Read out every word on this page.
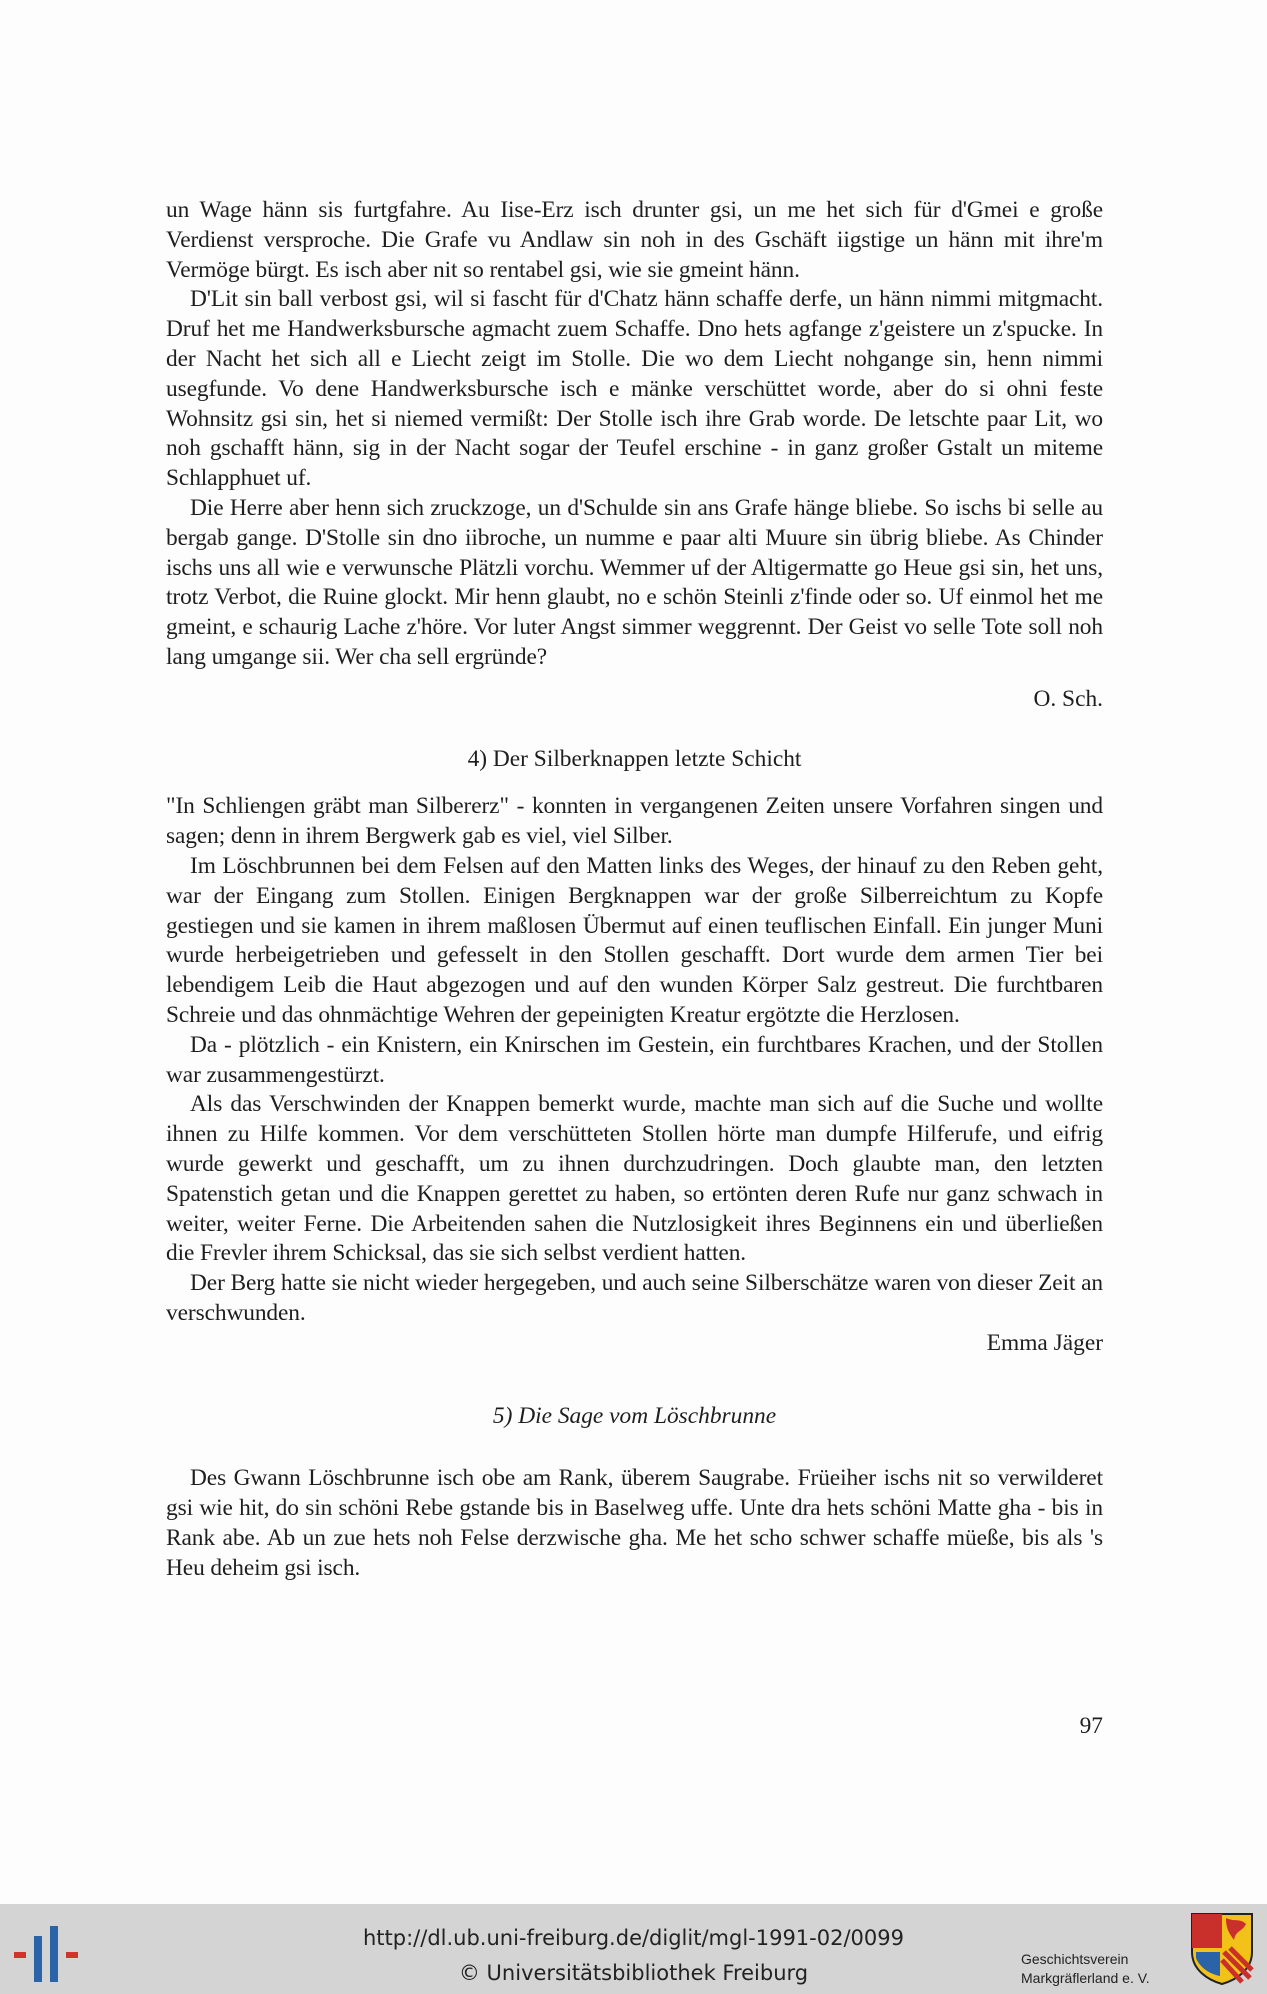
un Wage hänn sis furtgfahre. Au Iise-Erz isch drunter gsi, un me het sich für d'Gmei e große Verdienst versproche. Die Grafe vu Andlaw sin noh in des Gschäft iigstige un hänn mit ihre'm Vermöge bürgt. Es isch aber nit so rentabel gsi, wie sie gmeint hänn.

D'Lit sin ball verbost gsi, wil si fascht für d'Chatz hänn schaffe derfe, un hänn nimmi mitgmacht. Druf het me Handwerksbursche agmacht zuem Schaffe. Dno hets agfange z'geistere un z'spucke. In der Nacht het sich all e Liecht zeigt im Stolle. Die wo dem Liecht nohgange sin, henn nimmi usegfunde. Vo dene Handwerksbursche isch e mänke verschüttet worde, aber do si ohni feste Wohnsitz gsi sin, het si niemed vermißt: Der Stolle isch ihre Grab worde. De letschte paar Lit, wo noh gschafft hänn, sig in der Nacht sogar der Teufel erschine - in ganz großer Gstalt un miteme Schlapphuet uf.

Die Herre aber henn sich zruckzoge, un d'Schulde sin ans Grafe hänge bliebe. So ischs bi selle au bergab gange. D'Stolle sin dno iibroche, un numme e paar alti Muure sin übrig bliebe. As Chinder ischs uns all wie e verwunsche Plätzli vorchu. Wemmer uf der Altigermatte go Heue gsi sin, het uns, trotz Verbot, die Ruine glockt. Mir henn glaubt, no e schön Steinli z'finde oder so. Uf einmol het me gmeint, e schaurig Lache z'höre. Vor luter Angst simmer weggrennt. Der Geist vo selle Tote soll noh lang umgange sii. Wer cha sell ergründe?

O. Sch.
4) Der Silberknappen letzte Schicht

"In Schliengen gräbt man Silbererz" - konnten in vergangenen Zeiten unsere Vorfahren singen und sagen; denn in ihrem Bergwerk gab es viel, viel Silber.

Im Löschbrunnen bei dem Felsen auf den Matten links des Weges, der hinauf zu den Reben geht, war der Eingang zum Stollen. Einigen Bergknappen war der große Silberreichtum zu Kopfe gestiegen und sie kamen in ihrem maßlosen Übermut auf einen teuflischen Einfall. Ein junger Muni wurde herbeigetrieben und gefesselt in den Stollen geschafft. Dort wurde dem armen Tier bei lebendigem Leib die Haut abgezogen und auf den wunden Körper Salz gestreut. Die furchtbaren Schreie und das ohnmächtige Wehren der gepeinigten Kreatur ergötzte die Herzlosen.

Da - plötzlich - ein Knistern, ein Knirschen im Gestein, ein furchtbares Krachen, und der Stollen war zusammengestürzt.

Als das Verschwinden der Knappen bemerkt wurde, machte man sich auf die Suche und wollte ihnen zu Hilfe kommen. Vor dem verschütteten Stollen hörte man dumpfe Hilferufe, und eifrig wurde gewerkt und geschafft, um zu ihnen durchzudringen. Doch glaubte man, den letzten Spatenstich getan und die Knappen gerettet zu haben, so ertönten deren Rufe nur ganz schwach in weiter, weiter Ferne. Die Arbeitenden sahen die Nutzlosigkeit ihres Beginnens ein und überließen die Frevler ihrem Schicksal, das sie sich selbst verdient hatten.

Der Berg hatte sie nicht wieder hergegeben, und auch seine Silberschätze waren von dieser Zeit an verschwunden.

Emma Jäger
5) Die Sage vom Löschbrunne

Des Gwann Löschbrunne isch obe am Rank, überem Saugrabe. Früeiher ischs nit so verwilderet gsi wie hit, do sin schöni Rebe gstande bis in Baselweg uffe. Unte dra hets schöni Matte gha - bis in Rank abe. Ab un zue hets noh Felse derzwische gha. Me het scho schwer schaffe müeße, bis als 's Heu deheim gsi isch.

97
http://dl.ub.uni-freiburg.de/diglit/mgl-1991-02/0099
© Universitätsbibliothek Freiburg
Geschichtsverein
Markgräflerland e. V.
